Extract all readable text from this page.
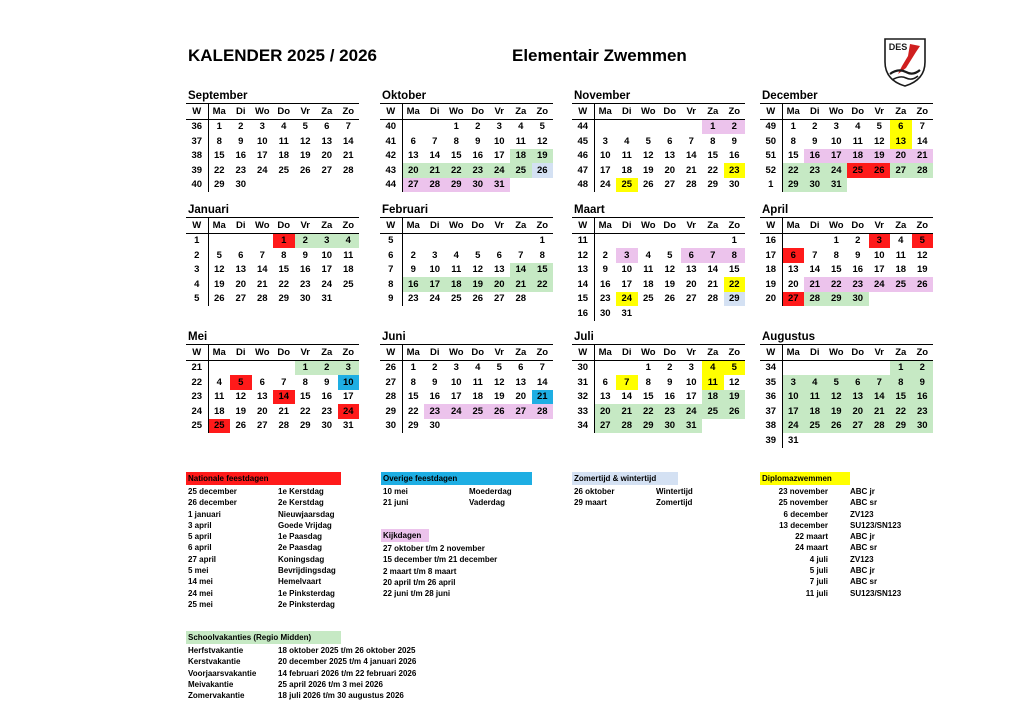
KALENDER 2025 / 2026	Elementair Zwemmen	DES
September
W	Ma	Di	Wo	Do	Vr	Za	Zo
36	1	2	3	4	5	6	7
37	8	9	10	11	12	13	14
38	15	16	17	18	19	20	21
39	22	23	24	25	26	27	28
40	29	30					
Oktober
W	Ma	Di	Wo	Do	Vr	Za	Zo
40			1	2	3	4	5
41	6	7	8	9	10	11	12
42	13	14	15	16	17	18	19
43	20	21	22	23	24	25	26
44	27	28	29	30	31		
November
W	Ma	Di	Wo	Do	Vr	Za	Zo
44						1	2
45	3	4	5	6	7	8	9
46	10	11	12	13	14	15	16
47	17	18	19	20	21	22	23
48	24	25	26	27	28	29	30
December
W	Ma	Di	Wo	Do	Vr	Za	Zo
49	1	2	3	4	5	6	7
50	8	9	10	11	12	13	14
51	15	16	17	18	19	20	21
52	22	23	24	25	26	27	28
1	29	30	31				
Januari
W	Ma	Di	Wo	Do	Vr	Za	Zo
1				1	2	3	4
2	5	6	7	8	9	10	11
3	12	13	14	15	16	17	18
4	19	20	21	22	23	24	25
5	26	27	28	29	30	31	
Februari
W	Ma	Di	Wo	Do	Vr	Za	Zo
5							1
6	2	3	4	5	6	7	8
7	9	10	11	12	13	14	15
8	16	17	18	19	20	21	22
9	23	24	25	26	27	28	
Maart
W	Ma	Di	Wo	Do	Vr	Za	Zo
11							1
12	2	3	4	5	6	7	8
13	9	10	11	12	13	14	15
14	16	17	18	19	20	21	22
15	23	24	25	26	27	28	29
16	30	31					
April
W	Ma	Di	Wo	Do	Vr	Za	Zo
16			1	2	3	4	5
17	6	7	8	9	10	11	12
18	13	14	15	16	17	18	19
19	20	21	22	23	24	25	26
20	27	28	29	30			
Mei
W	Ma	Di	Wo	Do	Vr	Za	Zo
21					1	2	3
22	4	5	6	7	8	9	10
23	11	12	13	14	15	16	17
24	18	19	20	21	22	23	24
25	25	26	27	28	29	30	31
Juni
W	Ma	Di	Wo	Do	Vr	Za	Zo
26	1	2	3	4	5	6	7
27	8	9	10	11	12	13	14
28	15	16	17	18	19	20	21
29	22	23	24	25	26	27	28
30	29	30					
Juli
W	Ma	Di	Wo	Do	Vr	Za	Zo
30			1	2	3	4	5
31	6	7	8	9	10	11	12
32	13	14	15	16	17	18	19
33	20	21	22	23	24	25	26
34	27	28	29	30	31		
Augustus
W	Ma	Di	Wo	Do	Vr	Za	Zo
34						1	2
35	3	4	5	6	7	8	9
36	10	11	12	13	14	15	16
37	17	18	19	20	21	22	23
38	24	25	26	27	28	29	30
39	31						
Nationale feestdagen
25 december	1e Kerstdag
26 december	2e Kerstdag
1 januari	Nieuwjaarsdag
3 april	Goede Vrijdag
5 april	1e Paasdag
6 april	2e Paasdag
27 april	Koningsdag
5 mei	Bevrijdingsdag
14 mei	Hemelvaart
24 mei	1e Pinksterdag
25 mei	2e Pinksterdag
Overige feestdagen
10 mei	Moederdag
21 juni	Vaderdag
Zomertijd & wintertijd
26 oktober	Wintertijd
29 maart	Zomertijd
Diplomazwemmen
23 november	ABC jr
25 november	ABC sr
6 december	ZV123
13 december	SU123/SN123
22 maart	ABC jr
24 maart	ABC sr
4 juli	ZV123
5 juli	ABC jr
7 juli	ABC sr
11 juli	SU123/SN123
Kijkdagen
27 oktober t/m 2 november
15 december t/m 21 december
2 maart t/m 8 maart
20 april t/m 26 april
22 juni t/m 28 juni
Schoolvakanties (Regio Midden)
Herfstvakantie	18 oktober 2025 t/m 26 oktober 2025
Kerstvakantie	20 december 2025 t/m 4 januari 2026
Voorjaarsvakantie	14 februari 2026 t/m 22 februari 2026
Meivakantie	25 april 2026 t/m 3 mei 2026
Zomervakantie	18 juli 2026 t/m 30 augustus 2026
